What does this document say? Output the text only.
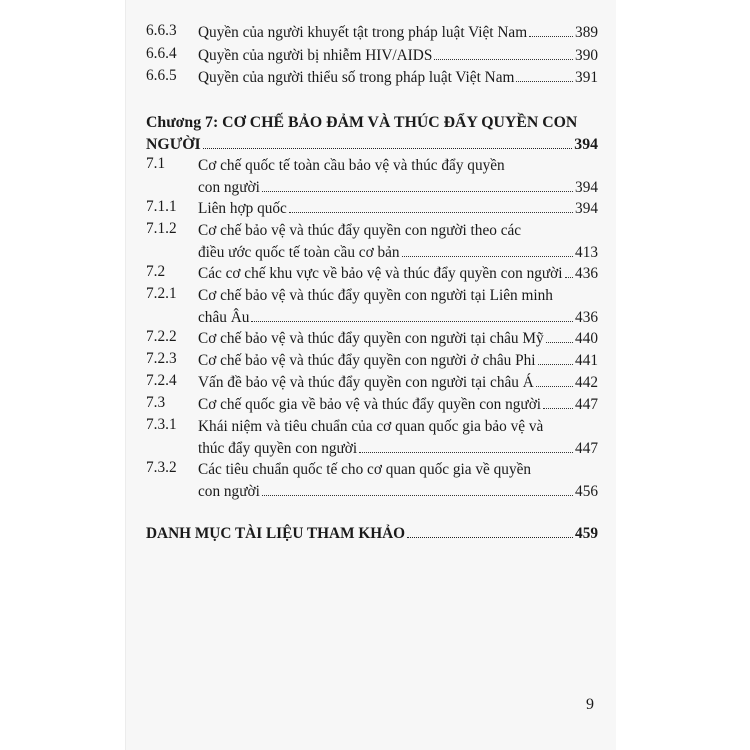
6.6.3	Quyền của người khuyết tật trong pháp luật Việt Nam	389
6.6.4	Quyền của người bị nhiễm HIV/AIDS	390
6.6.5	Quyền của người thiểu số trong pháp luật Việt Nam	391
Chương 7: CƠ CHẾ BẢO ĐẢM VÀ THÚC ĐẨY QUYỀN CON
NGƯỜI	394
7.1	Cơ chế quốc tế toàn cầu bảo vệ và thúc đẩy quyền
con người	394
7.1.1	Liên hợp quốc	394
7.1.2	Cơ chế bảo vệ và thúc đẩy quyền con người theo các
điều ước quốc tế toàn cầu cơ bản	413
7.2	Các cơ chế khu vực về bảo vệ và thúc đẩy quyền con người 436
7.2.1	Cơ chế bảo vệ và thúc đẩy quyền con người tại Liên minh
châu Âu	436
7.2.2	Cơ chế bảo vệ và thúc đẩy quyền con người tại châu Mỹ 440
7.2.3	Cơ chế bảo vệ và thúc đẩy quyền con người ở châu Phi	441
7.2.4	Vấn đề bảo vệ và thúc đẩy quyền con người tại châu Á	442
7.3	Cơ chế quốc gia về bảo vệ và thúc đẩy quyền con người 447
7.3.1	Khái niệm và tiêu chuẩn của cơ quan quốc gia bảo vệ và
thúc đẩy quyền con người	447
7.3.2	Các tiêu chuẩn quốc tế cho cơ quan quốc gia về quyền
con người	456
DANH MỤC TÀI LIỆU THAM KHẢO	459
9
